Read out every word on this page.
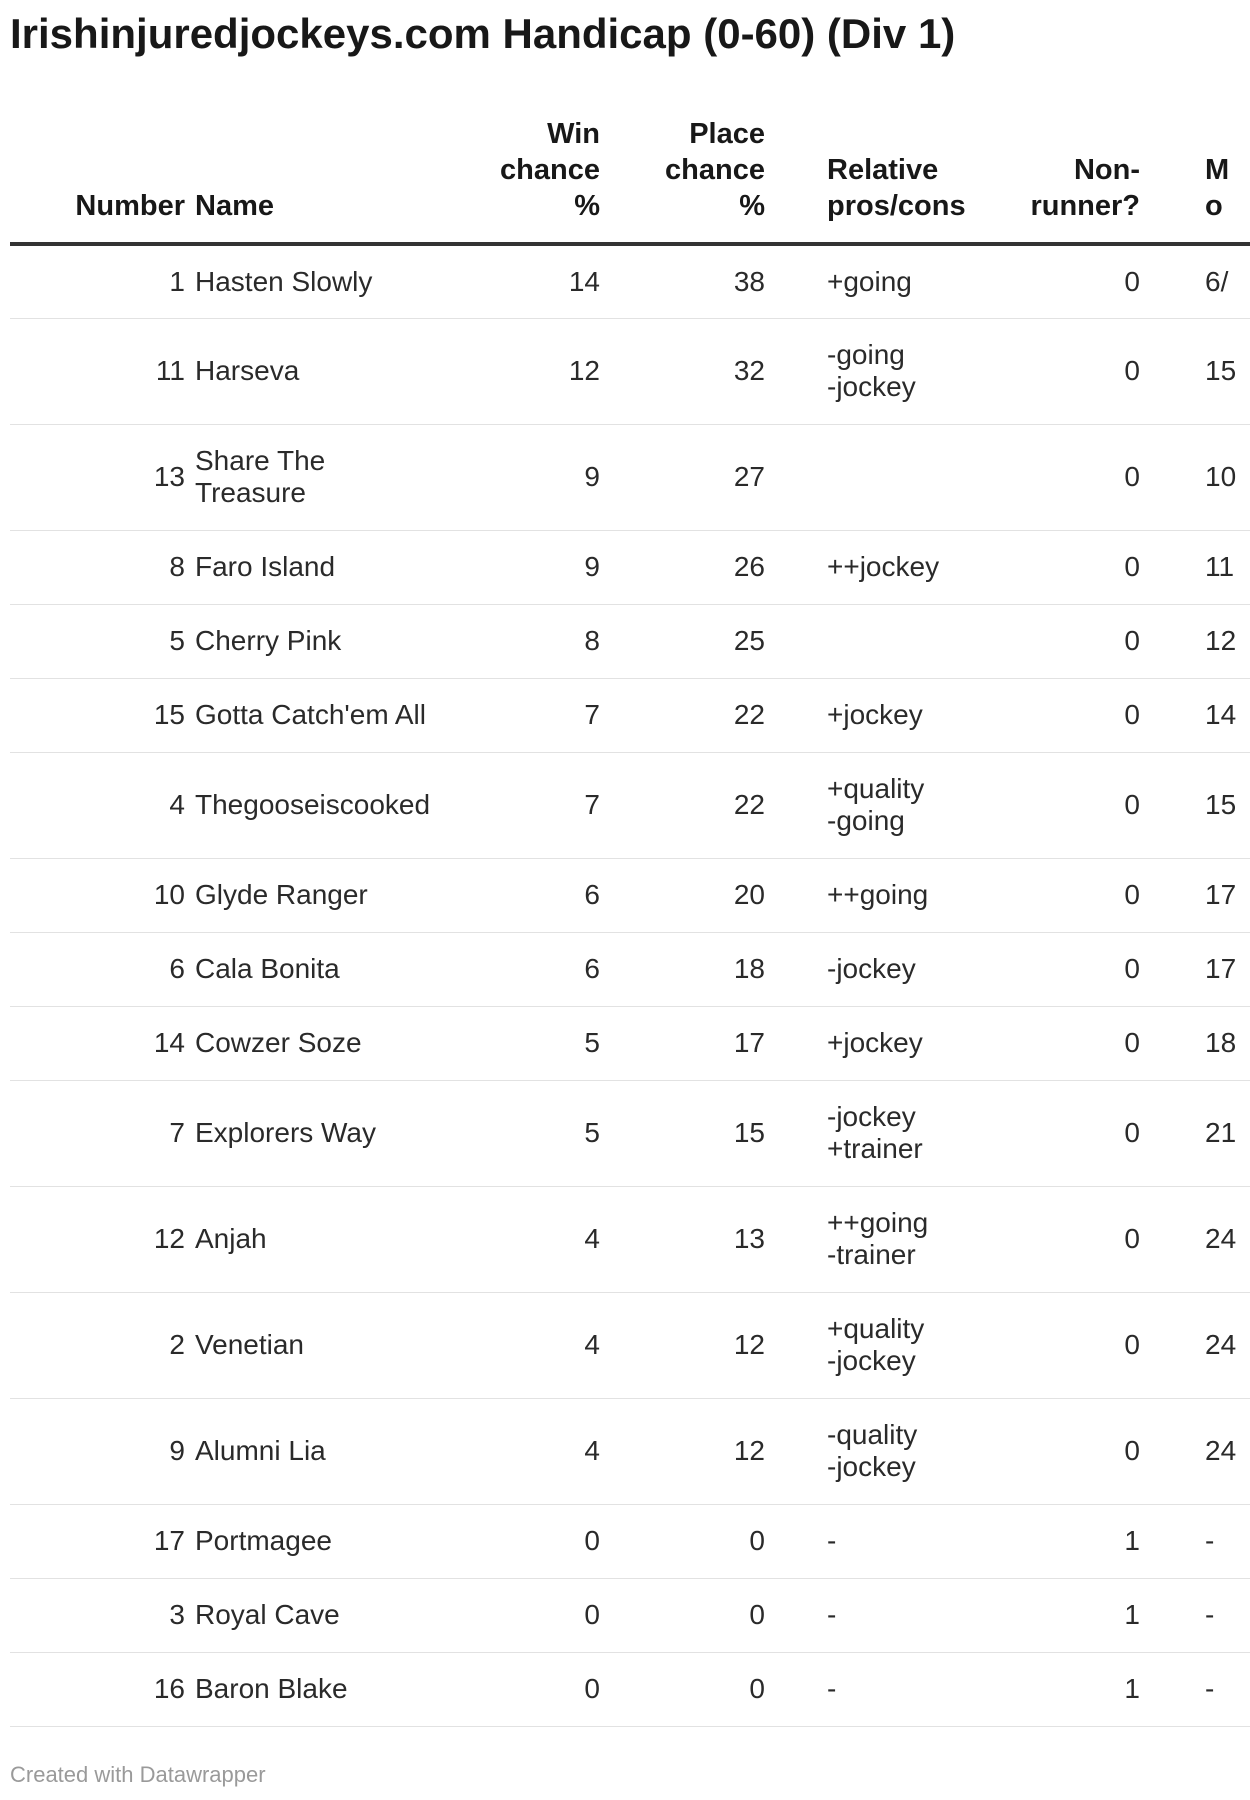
Irishinjuredjockeys.com Handicap (0-60) (Div 1)
Number	Name	Win
chance
%	Place
chance
%	Relative
pros/cons	Non-
runner?	M
o

1	Hasten Slowly	14	38	+going	0	6/
11	Harseva	12	32	-going
-jockey	0	15
13	Share The
Treasure	9	27		0	10
8	Faro Island	9	26	++jockey	0	11
5	Cherry Pink	8	25		0	12
15	Gotta Catch'em All	7	22	+jockey	0	14
4	Thegooseiscooked	7	22	+quality
-going	0	15
10	Glyde Ranger	6	20	++going	0	17
6	Cala Bonita	6	18	-jockey	0	17
14	Cowzer Soze	5	17	+jockey	0	18
7	Explorers Way	5	15	-jockey
+trainer	0	21
12	Anjah	4	13	++going
-trainer	0	24
2	Venetian	4	12	+quality
-jockey	0	24
9	Alumni Lia	4	12	-quality
-jockey	0	24
17	Portmagee	0	0	-	1	-
3	Royal Cave	0	0	-	1	-
16	Baron Blake	0	0	-	1	-
Created with Datawrapper
